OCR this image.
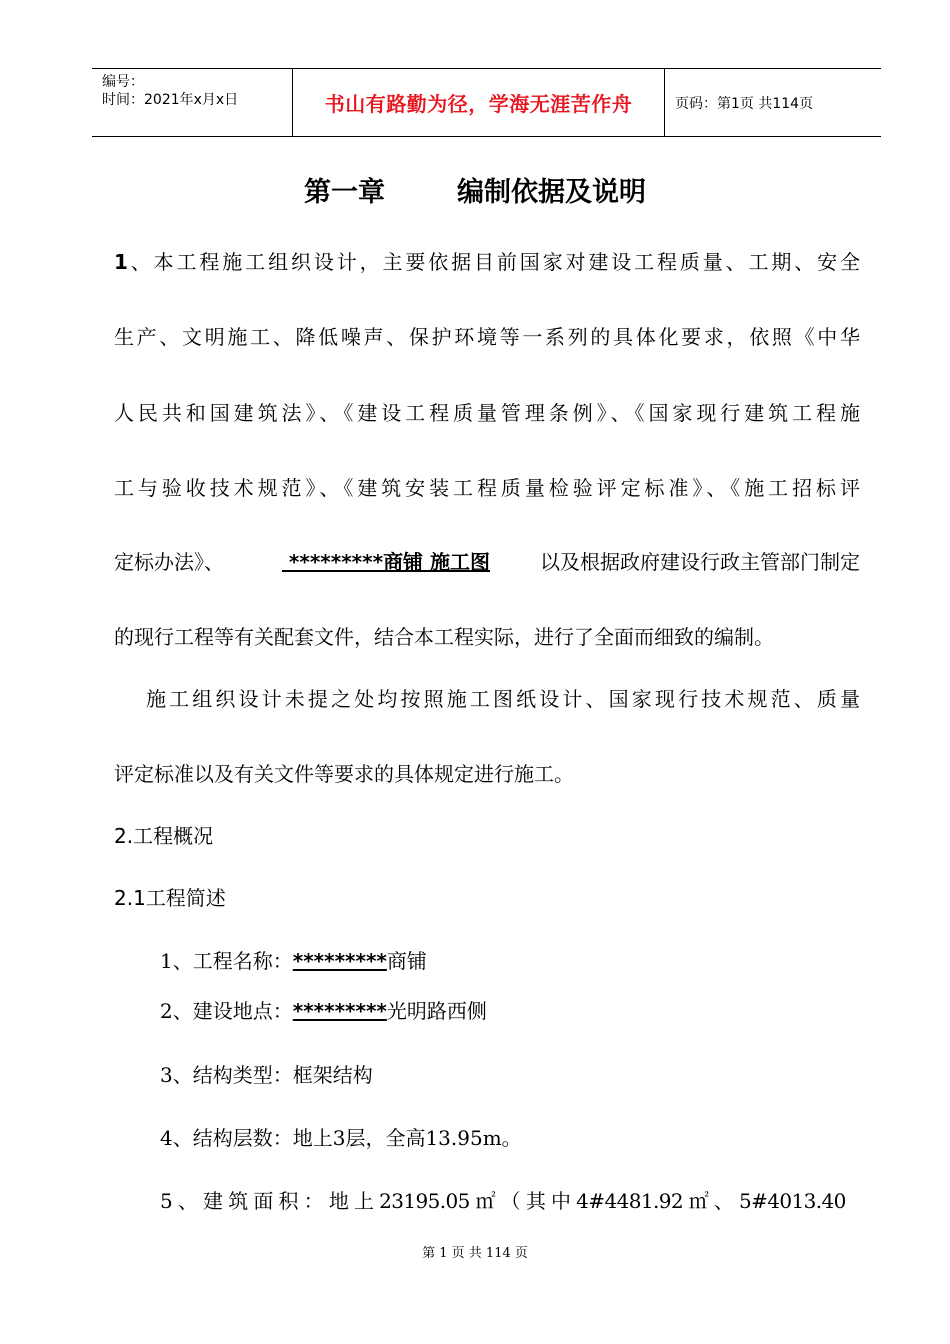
编号：
时间：2021年x月x日	书山有路勤为径，学海无涯苦作舟	页码：第1页 共114页
第一章	编制依据及说明
1、本工程施工组织设计，主要依据目前国家对建设工程质量、工期、安全
生产、文明施工、降低噪声、保护环境等一系列的具体化要求，依照《中华
人民共和国建筑法》、《建设工程质量管理条例》、《国家现行建筑工程施
工与验收技术规范》、《建筑安装工程质量检验评定标准》、《施工招标评
定标办法》、	*********商铺 施工图 以及根据政府建设行政主管部门制定
的现行工程等有关配套文件，结合本工程实际，进行了全面而细致的编制。
施工组织设计未提之处均按照施工图纸设计、国家现行技术规范、质量
评定标准以及有关文件等要求的具体规定进行施工。
2.工程概况
2.1工程简述
1、工程名称：*********商铺
2、建设地点：*********光明路西侧
3、结构类型：框架结构
4、结构层数：地上3层，全高13.95m。
5 、 建 筑 面 积 ： 地 上 23195.05 ㎡ （ 其 中 4#4481.92 ㎡ 、 5#4013.40
第 1 页 共 114 页
